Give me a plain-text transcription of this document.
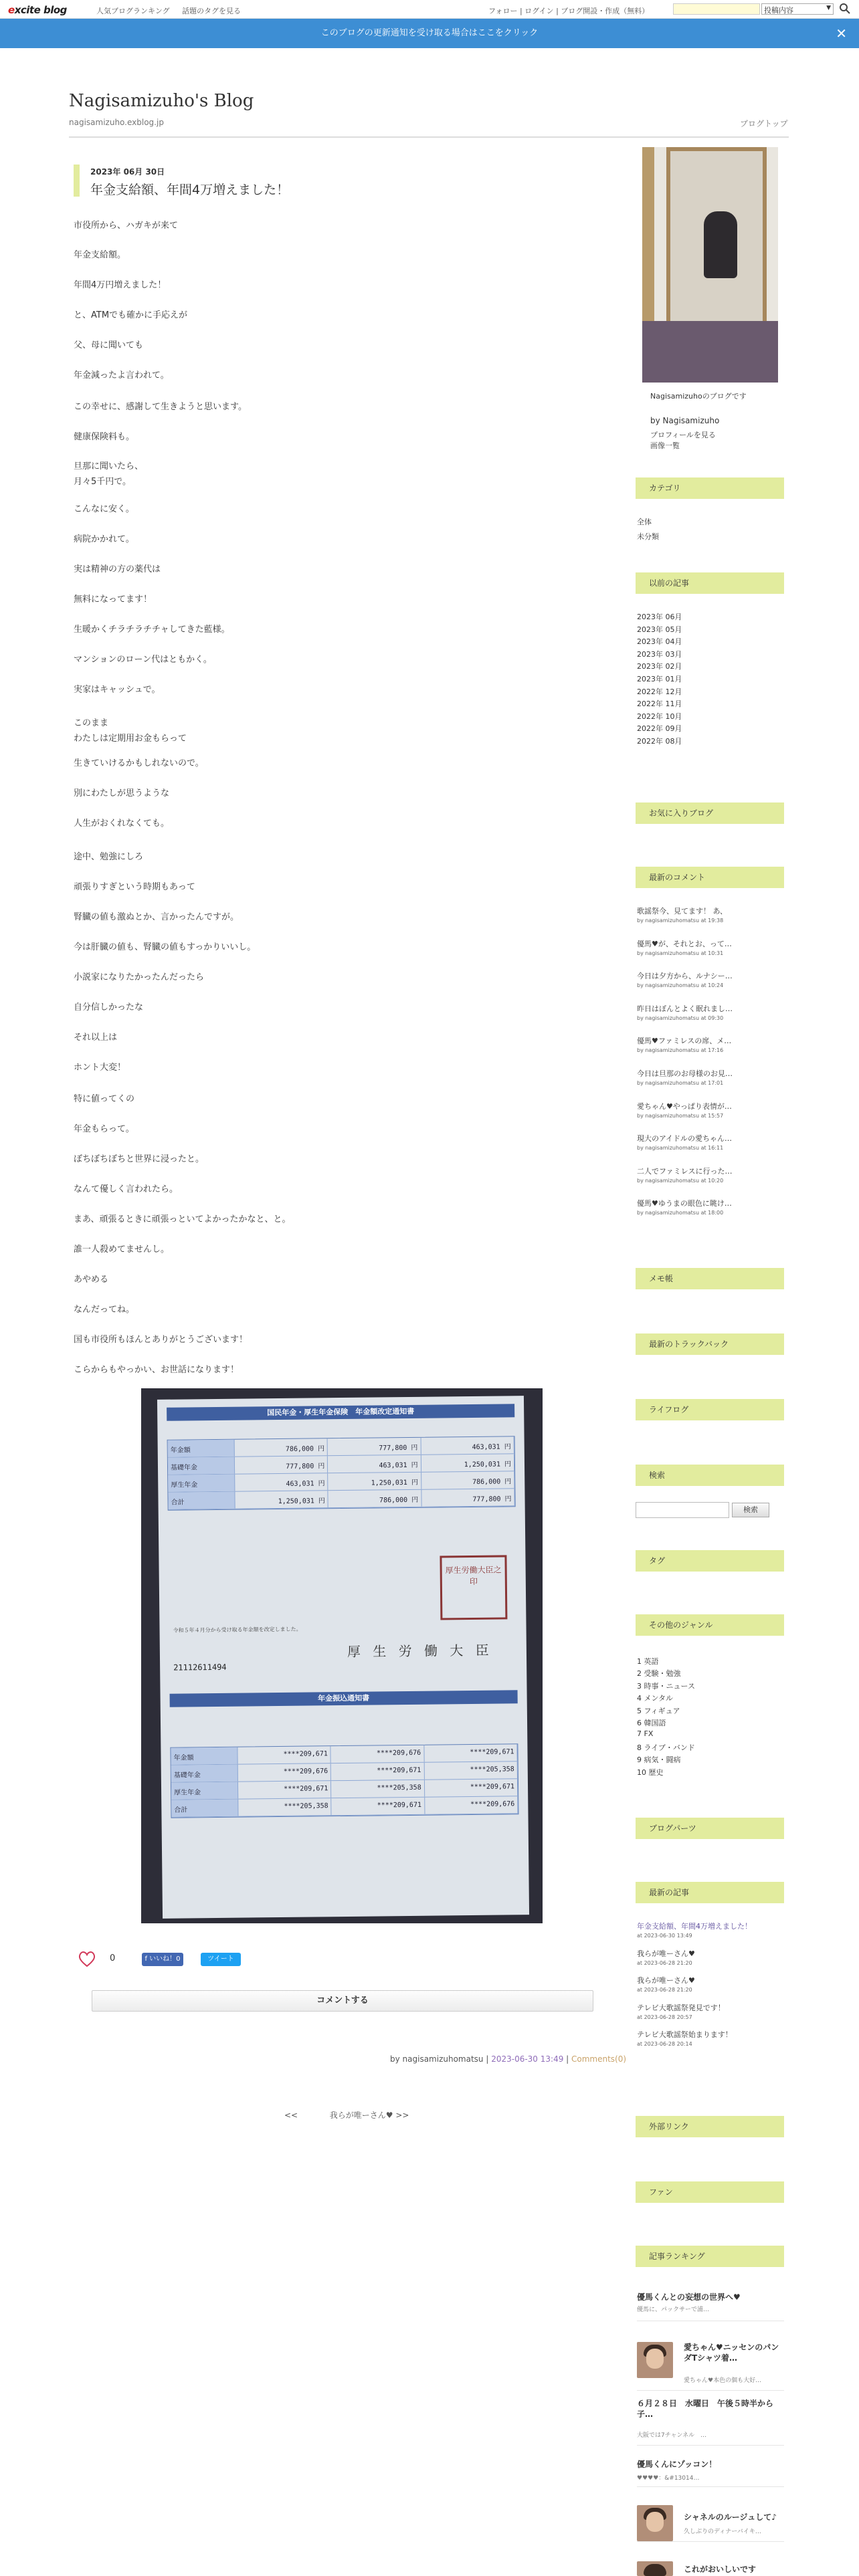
excite blog	人気ブログランキング 話題のタグを見る	フォロー | ログイン | ブログ開設・作成（無料）	投稿内容	▼
このブログの更新通知を受け取る場合はここをクリック	✕
Nagisamizuho's Blog
nagisamizuho.exblog.jp	ブログトップ
2023年 06月 30日
年金支給額、年間4万増えました！
市役所から、ハガキが来て
年金支給額。
年間4万円増えました！
と、ATMでも確かに手応えが
父、母に聞いても
年金減ったよ言われて。
この幸せに、感謝して生きようと思います。
健康保険料も。
旦那に聞いたら、
月々5千円で。
こんなに安く。
病院かかれて。
実は精神の方の薬代は
無料になってます！
生暖かくチラチラチチャしてきた藍様。
マンションのローン代はともかく。
実家はキャッシュで。
このまま
わたしは定期用お金もらって
生きていけるかもしれないので。
別にわたしが思うような
人生がおくれなくても。
途中、勉強にしろ
頑張りすぎという時期もあって
腎臓の値も激ぬとか、言かったんですが。
今は肝臓の値も、腎臓の値もすっかりいいし。
小説家になりたかったんだったら
自分信しかったな
それ以上は
ホント大変！
特に値ってくの
年金もらって。
ぼちぼちぼちと世界に浸ったと。
なんて優しく言われたら。
まあ、頑張るときに頑張っといてよかったかなと、と。
誰一人殺めてませんし。
あやめる
なんだってね。
国も市役所もほんとありがとうございます！
こらからもやっかい、お世話になります！
国民年金・厚生年金保険　年金額改定通知書
年金額	786,000 円	777,800 円	463,031 円
基礎年金	777,800 円	463,031 円	1,250,031 円
厚生年金	463,031 円	1,250,031 円	786,000 円
合計	1,250,031 円	786,000 円	777,800 円
厚生労働大臣之印
厚 生 労 働 大 臣
21112611494
年金振込通知書
年金額
****209,671	****209,676	****209,671
基礎年金
****209,676	****209,671	****205,358
厚生年金
****209,671	****205,358	****209,671
合計
****205,358	****209,671	****209,676
令和５年４月分から受け取る年金額を改定しました。
0	f いいね！0	ツイート
コメントする
by nagisamizuhomatsu | 2023-06-30 13:49 | Comments(0)
<<	我らが唯ーさん♥ >>
Nagisamizuhoのブログです
by Nagisamizuho
プロフィールを見る
画像一覧
カテゴリ
全体
未分類
以前の記事
2023年 06月
2023年 05月
2023年 04月
2023年 03月
2023年 02月
2023年 01月
2022年 12月
2022年 11月
2022年 10月
2022年 09月
2022年 08月
お気に入りブログ
最新のコメント
歌謡祭今、見てます！ あ、
by nagisamizuhomatsu at 19:38
優馬♥が、それとお、って…
by nagisamizuhomatsu at 10:31
今日は夕方から、ルナシー…
by nagisamizuhomatsu at 10:24
昨日はぼんとよく眠れまし…
by nagisamizuhomatsu at 09:30
優馬♥ファミレスの席、メ…
by nagisamizuhomatsu at 17:16
今日は旦那のお母様のお見…
by nagisamizuhomatsu at 17:01
愛ちゃん♥やっぱり表情が…
by nagisamizuhomatsu at 15:57
現大のアイドルの愛ちゃん…
by nagisamizuhomatsu at 16:11
二人でファミレスに行った…
by nagisamizuhomatsu at 10:20
優馬♥ゆうまの眼色に眺け…
by nagisamizuhomatsu at 18:00
メモ帳
最新のトラックバック
ライフログ
検索
検索
タグ
その他のジャンル
1 英語
2 受験・勉強
3 時事・ニュース
4 メンタル
5 フィギュア
6 韓国語
7 FX
8 ライブ・バンド
9 病気・闘病
10 歴史
ブログパーツ
最新の記事
年金支給額、年間4万増えました！
at 2023-06-30 13:49
我らが唯ーさん♥
at 2023-06-28 21:20
我らが唯ーさん♥
at 2023-06-28 21:20
テレビ大歌謡祭発見です！
at 2023-06-28 20:57
テレビ大歌謡祭始まります！
at 2023-06-28 20:14
外部リンク
ファン
記事ランキング
優馬くんとの妄想の世界へ♥
優馬に、パックサーで浦…
愛ちゃん♥ニッセンのパンダTシャツ着…
愛ちゃん♥本色の個も大好…
６月２８日　水曜日　午後５時半から子…
大阪では7チャンネル　…
優馬くんにゾッコン！
♥♥♥♥：&#13014…
シャネルのルージュして♪
久しぶりのディナーバイキ…
これがおいしいです
